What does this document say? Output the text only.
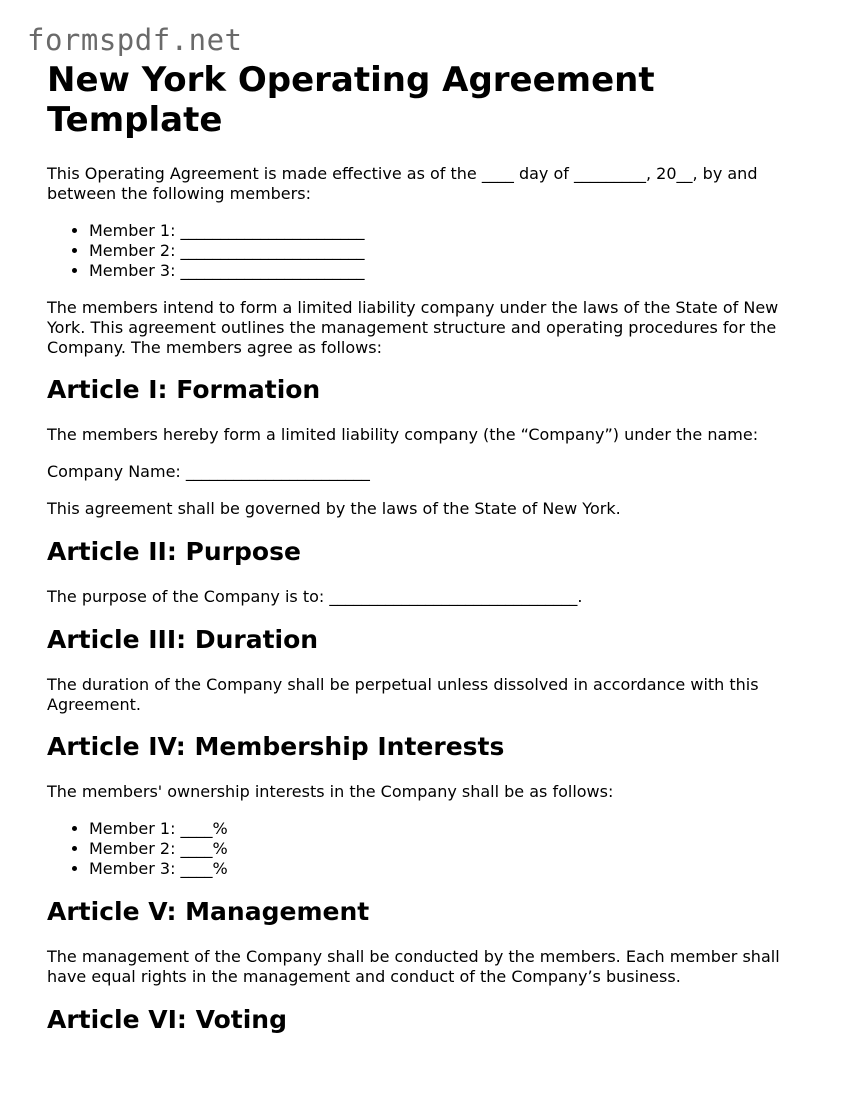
formspdf.net
New York Operating Agreement Template

This Operating Agreement is made effective as of the ____ day of _________, 20__, by and between the following members:

• Member 1: _______________________
• Member 2: _______________________
• Member 3: _______________________

The members intend to form a limited liability company under the laws of the State of New York. This agreement outlines the management structure and operating procedures for the Company. The members agree as follows:

Article I: Formation

The members hereby form a limited liability company (the “Company”) under the name:

Company Name: _______________________

This agreement shall be governed by the laws of the State of New York.

Article II: Purpose

The purpose of the Company is to: _______________________________.

Article III: Duration

The duration of the Company shall be perpetual unless dissolved in accordance with this Agreement.

Article IV: Membership Interests

The members' ownership interests in the Company shall be as follows:

• Member 1: ____%
• Member 2: ____%
• Member 3: ____%
Article V: Management

The management of the Company shall be conducted by the members. Each member shall have equal rights in the management and conduct of the Company’s business.

Article VI: Voting
